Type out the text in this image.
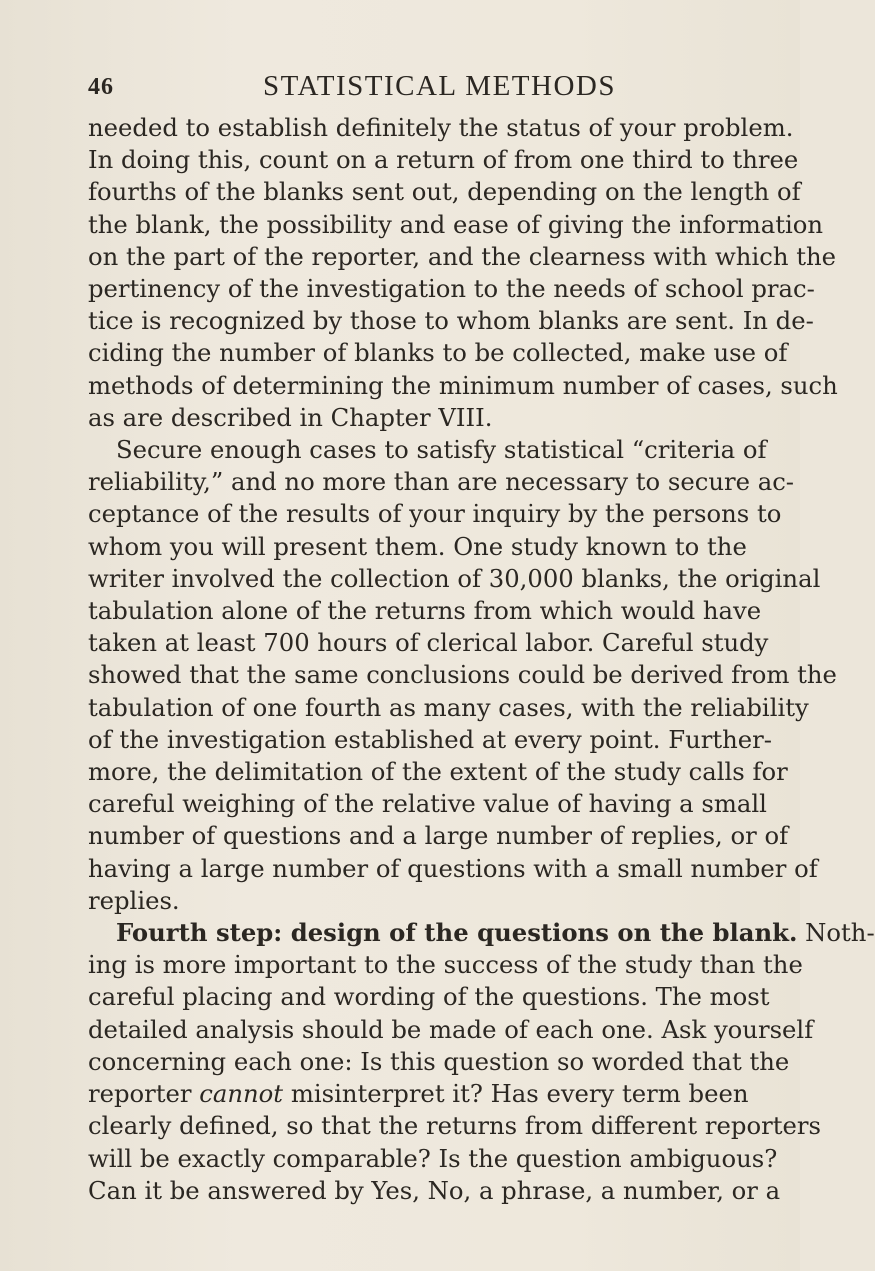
46	STATISTICAL METHODS

needed to establish definitely the status of your problem.
In doing this, count on a return of from one third to three
fourths of the blanks sent out, depending on the length of
the blank, the possibility and ease of giving the information
on the part of the reporter, and the clearness with which the
pertinency of the investigation to the needs of school prac-
tice is recognized by those to whom blanks are sent. In de-
ciding the number of blanks to be collected, make use of
methods of determining the minimum number of cases, such
as are described in Chapter VIII.

Secure enough cases to satisfy statistical “criteria of
reliability,” and no more than are necessary to secure ac-
ceptance of the results of your inquiry by the persons to
whom you will present them. One study known to the
writer involved the collection of 30,000 blanks, the original
tabulation alone of the returns from which would have
taken at least 700 hours of clerical labor. Careful study
showed that the same conclusions could be derived from the
tabulation of one fourth as many cases, with the reliability
of the investigation established at every point. Further-
more, the delimitation of the extent of the study calls for
careful weighing of the relative value of having a small
number of questions and a large number of replies, or of
having a large number of questions with a small number of
replies.

Fourth step: design of the questions on the blank. Noth-
ing is more important to the success of the study than the
careful placing and wording of the questions. The most
detailed analysis should be made of each one. Ask yourself
concerning each one: Is this question so worded that the
reporter cannot misinterpret it? Has every term been
clearly defined, so that the returns from different reporters
will be exactly comparable? Is the question ambiguous?
Can it be answered by Yes, No, a phrase, a number, or a
